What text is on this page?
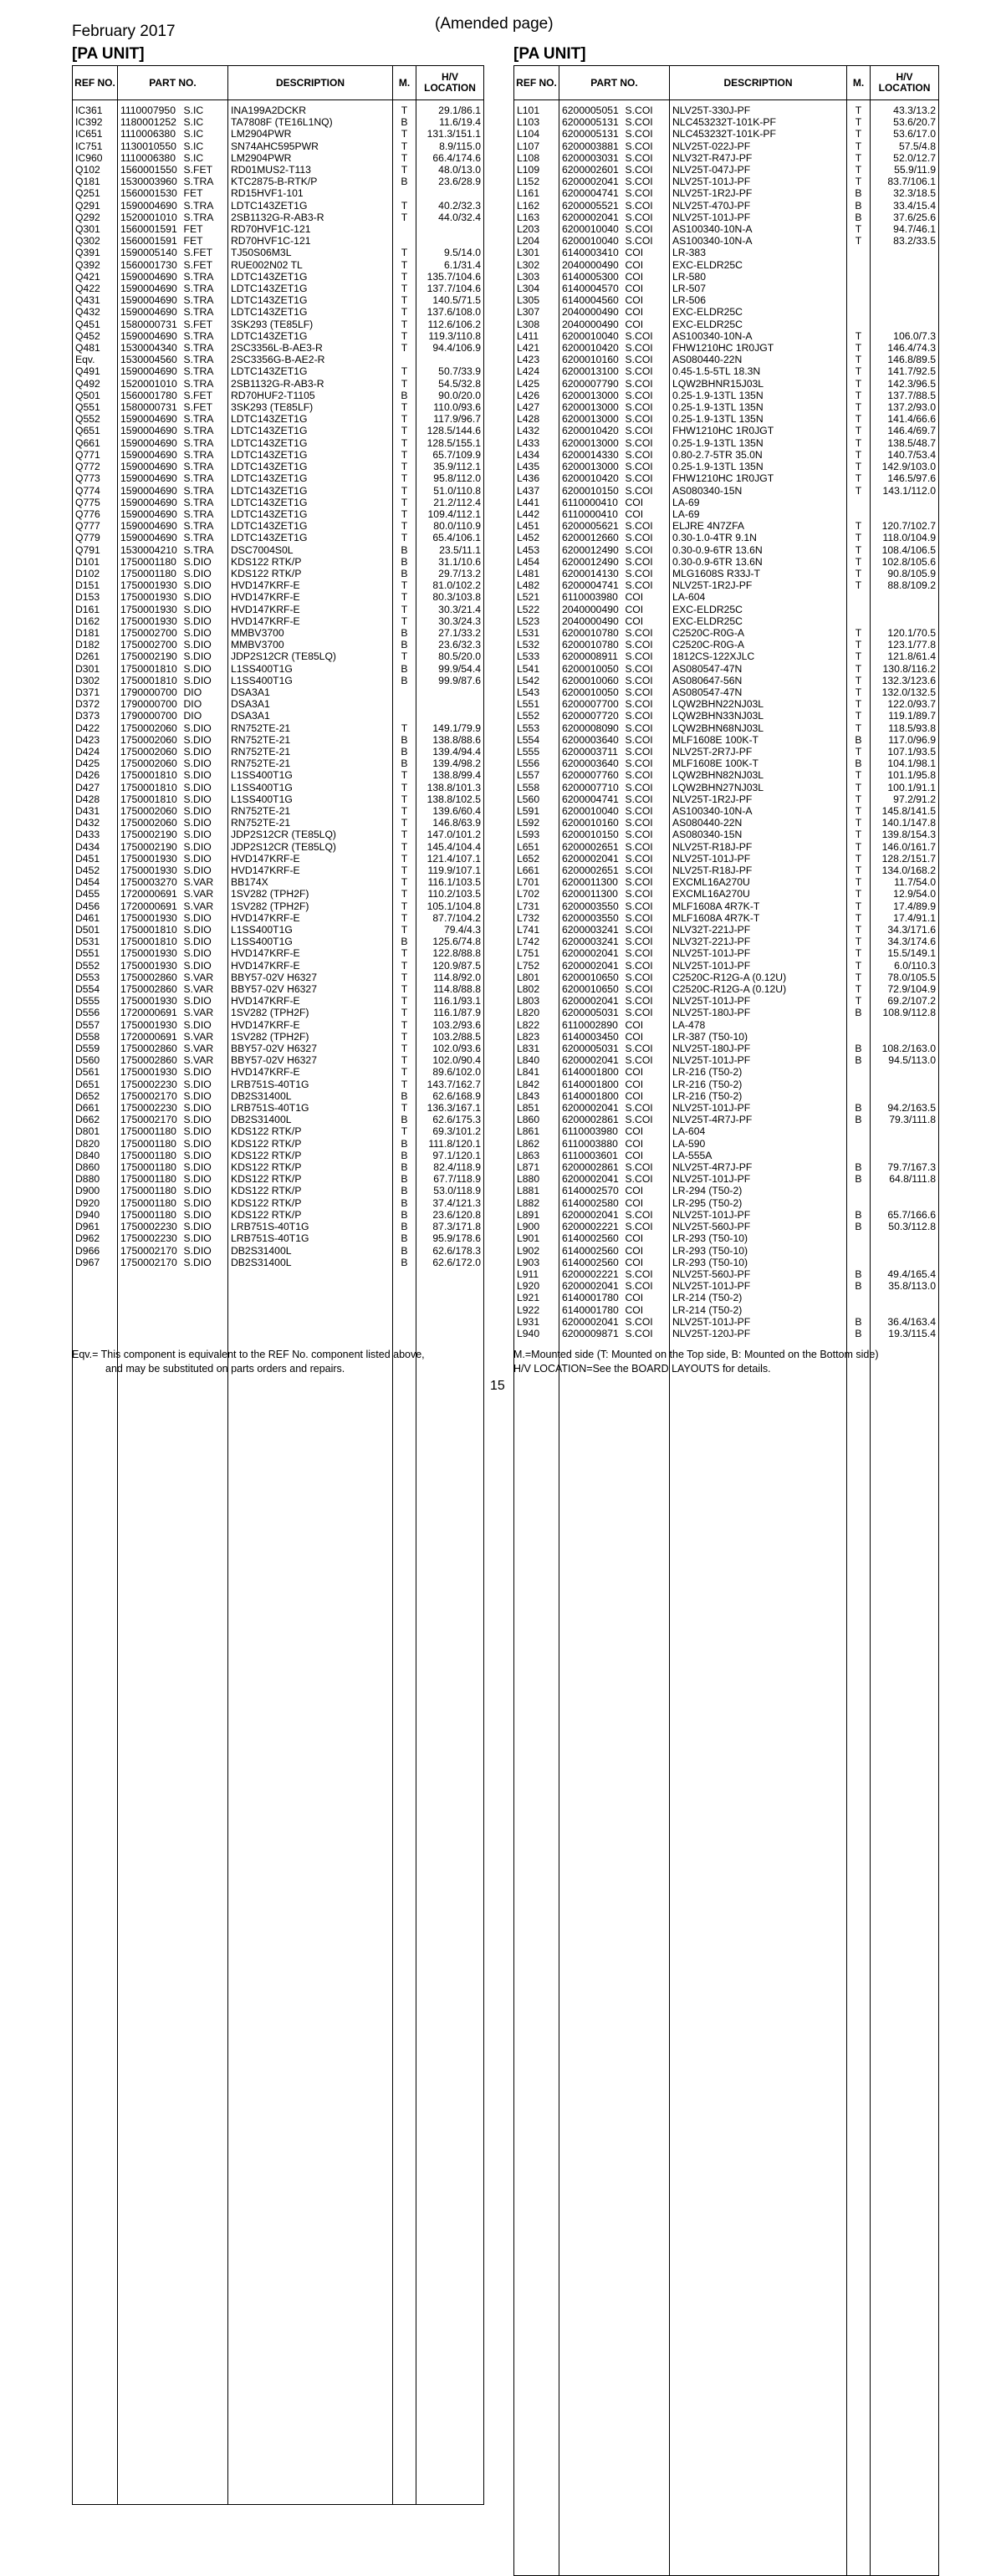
February 2017	(Amended page)
[PA UNIT]	[PA UNIT]
REF NO.	PART NO.		DESCRIPTION	M.	H/V LOCATION
IC361	1110007950	S.IC	INA199A2DCKR	T	29.1/86.1
IC392	1180001252	S.IC	TA7808F (TE16L1NQ)	B	11.6/19.4
IC651	1110006380	S.IC	LM2904PWR	T	131.3/151.1
IC751	1130010550	S.IC	SN74AHC595PWR	T	8.9/115.0
IC960	1110006380	S.IC	LM2904PWR	T	66.4/174.6

Q102	1560001550	S.FET	RD01MUS2-T113	T	48.0/13.0
Q181	1530003960	S.TRA	KTC2875-B-RTK/P	B	23.6/28.9
Q251	1560001530	FET	RD15HVF1-101		
Q291	1590004690	S.TRA	LDTC143ZET1G	T	40.2/32.3
Q292	1520001010	S.TRA	2SB1132G-R-AB3-R	T	44.0/32.4
Q301	1560001591	FET	RD70HVF1C-121		
Q302	1560001591	FET	RD70HVF1C-121		
Q391	1590005140	S.FET	TJ50S06M3L	T	9.5/14.0
Q392	1560001730	S.FET	RUE002N02 TL	T	6.1/31.4
Q421	1590004690	S.TRA	LDTC143ZET1G	T	135.7/104.6
Q422	1590004690	S.TRA	LDTC143ZET1G	T	137.7/104.6
Q431	1590004690	S.TRA	LDTC143ZET1G	T	140.5/71.5
Q432	1590004690	S.TRA	LDTC143ZET1G	T	137.6/108.0
Q451	1580000731	S.FET	3SK293 (TE85LF)	T	112.6/106.2
Q452	1590004690	S.TRA	LDTC143ZET1G	T	119.3/110.8
Q481	1530004340	S.TRA	2SC3356L-B-AE3-R	T	94.4/106.9
Eqv.	1530004560	S.TRA	2SC3356G-B-AE2-R		
Q491	1590004690	S.TRA	LDTC143ZET1G	T	50.7/33.9
Q492	1520001010	S.TRA	2SB1132G-R-AB3-R	T	54.5/32.8
Q501	1560001780	S.FET	RD70HUF2-T1105	B	90.0/20.0
Q551	1580000731	S.FET	3SK293 (TE85LF)	T	110.0/93.6
Q552	1590004690	S.TRA	LDTC143ZET1G	T	117.9/96.7
Q651	1590004690	S.TRA	LDTC143ZET1G	T	128.5/144.6
Q661	1590004690	S.TRA	LDTC143ZET1G	T	128.5/155.1
Q771	1590004690	S.TRA	LDTC143ZET1G	T	65.7/109.9
Q772	1590004690	S.TRA	LDTC143ZET1G	T	35.9/112.1
Q773	1590004690	S.TRA	LDTC143ZET1G	T	95.8/112.0
Q774	1590004690	S.TRA	LDTC143ZET1G	T	51.0/110.8
Q775	1590004690	S.TRA	LDTC143ZET1G	T	21.2/112.4
Q776	1590004690	S.TRA	LDTC143ZET1G	T	109.4/112.1
Q777	1590004690	S.TRA	LDTC143ZET1G	T	80.0/110.9
Q779	1590004690	S.TRA	LDTC143ZET1G	T	65.4/106.1
Q791	1530004210	S.TRA	DSC7004S0L	B	23.5/11.1

D101	1750001180	S.DIO	KDS122 RTK/P	B	31.1/10.6
D102	1750001180	S.DIO	KDS122 RTK/P	B	29.7/13.2
D151	1750001930	S.DIO	HVD147KRF-E	T	81.0/102.2
D153	1750001930	S.DIO	HVD147KRF-E	T	80.3/103.8
D161	1750001930	S.DIO	HVD147KRF-E	T	30.3/21.4
D162	1750001930	S.DIO	HVD147KRF-E	T	30.3/24.3
D181	1750002700	S.DIO	MMBV3700	B	27.1/33.2
D182	1750002700	S.DIO	MMBV3700	B	23.6/32.3
D261	1750002190	S.DIO	JDP2S12CR (TE85LQ)	T	80.5/20.0
D301	1750001810	S.DIO	L1SS400T1G	B	99.9/54.4
D302	1750001810	S.DIO	L1SS400T1G	B	99.9/87.6
D371	1790000700	DIO	DSA3A1		
D372	1790000700	DIO	DSA3A1		
D373	1790000700	DIO	DSA3A1		
D422	1750002060	S.DIO	RN752TE-21	T	149.1/79.9
D423	1750002060	S.DIO	RN752TE-21	B	138.8/88.6
D424	1750002060	S.DIO	RN752TE-21	B	139.4/94.4
D425	1750002060	S.DIO	RN752TE-21	B	139.4/98.2
D426	1750001810	S.DIO	L1SS400T1G	T	138.8/99.4
D427	1750001810	S.DIO	L1SS400T1G	T	138.8/101.3
D428	1750001810	S.DIO	L1SS400T1G	T	138.8/102.5
D431	1750002060	S.DIO	RN752TE-21	T	139.6/60.4
D432	1750002060	S.DIO	RN752TE-21	T	146.8/63.9
D433	1750002190	S.DIO	JDP2S12CR (TE85LQ)	T	147.0/101.2
D434	1750002190	S.DIO	JDP2S12CR (TE85LQ)	T	145.4/104.4
D451	1750001930	S.DIO	HVD147KRF-E	T	121.4/107.1
D452	1750001930	S.DIO	HVD147KRF-E	T	119.9/107.1
D454	1750003270	S.VAR	BB174X	T	116.1/103.5
D455	1720000691	S.VAR	1SV282 (TPH2F)	T	110.2/103.5
D456	1720000691	S.VAR	1SV282 (TPH2F)	T	105.1/104.8
D461	1750001930	S.DIO	HVD147KRF-E	T	87.7/104.2
D501	1750001810	S.DIO	L1SS400T1G	T	79.4/4.3
D531	1750001810	S.DIO	L1SS400T1G	B	125.6/74.8
D551	1750001930	S.DIO	HVD147KRF-E	T	122.8/88.8
D552	1750001930	S.DIO	HVD147KRF-E	T	120.9/87.5
D553	1750002860	S.VAR	BBY57-02V H6327	T	114.8/92.0
D554	1750002860	S.VAR	BBY57-02V H6327	T	114.8/88.8
D555	1750001930	S.DIO	HVD147KRF-E	T	116.1/93.1
D556	1720000691	S.VAR	1SV282 (TPH2F)	T	116.1/87.9
D557	1750001930	S.DIO	HVD147KRF-E	T	103.2/93.6
D558	1720000691	S.VAR	1SV282 (TPH2F)	T	103.2/88.5
D559	1750002860	S.VAR	BBY57-02V H6327	T	102.0/93.6
D560	1750002860	S.VAR	BBY57-02V H6327	T	102.0/90.4
D561	1750001930	S.DIO	HVD147KRF-E	T	89.6/102.0
D651	1750002230	S.DIO	LRB751S-40T1G	T	143.7/162.7
D652	1750002170	S.DIO	DB2S31400L	B	62.6/168.9
D661	1750002230	S.DIO	LRB751S-40T1G	T	136.3/167.1
D662	1750002170	S.DIO	DB2S31400L	B	62.6/175.3
D801	1750001180	S.DIO	KDS122 RTK/P	T	69.3/101.2
D820	1750001180	S.DIO	KDS122 RTK/P	B	111.8/120.1
D840	1750001180	S.DIO	KDS122 RTK/P	B	97.1/120.1
D860	1750001180	S.DIO	KDS122 RTK/P	B	82.4/118.9
D880	1750001180	S.DIO	KDS122 RTK/P	B	67.7/118.9
D900	1750001180	S.DIO	KDS122 RTK/P	B	53.0/118.9
D920	1750001180	S.DIO	KDS122 RTK/P	B	37.4/121.3
D940	1750001180	S.DIO	KDS122 RTK/P	B	23.6/120.8
D961	1750002230	S.DIO	LRB751S-40T1G	B	87.3/171.8
D962	1750002230	S.DIO	LRB751S-40T1G	B	95.9/178.6
D966	1750002170	S.DIO	DB2S31400L	B	62.6/178.3
D967	1750002170	S.DIO	DB2S31400L	B	62.6/172.0

REF NO.	PART NO.		DESCRIPTION	M.	H/V LOCATION
L101	6200005051	S.COI	NLV25T-330J-PF	T	43.3/13.2
L103	6200005131	S.COI	NLC453232T-101K-PF	T	53.6/20.7
L104	6200005131	S.COI	NLC453232T-101K-PF	T	53.6/17.0
L107	6200003881	S.COI	NLV25T-022J-PF	T	57.5/4.8
L108	6200003031	S.COI	NLV32T-R47J-PF	T	52.0/12.7
L109	6200002601	S.COI	NLV25T-047J-PF	T	55.9/11.9
L152	6200002041	S.COI	NLV25T-101J-PF	T	83.7/106.1
L161	6200004741	S.COI	NLV25T-1R2J-PF	B	32.3/18.5
L162	6200005521	S.COI	NLV25T-470J-PF	B	33.4/15.4
L163	6200002041	S.COI	NLV25T-101J-PF	B	37.6/25.6
L203	6200010040	S.COI	AS100340-10N-A	T	94.7/46.1
L204	6200010040	S.COI	AS100340-10N-A	T	83.2/33.5
L301	6140003410	COI	LR-383		
L302	2040000490	COI	EXC-ELDR25C		
L303	6140005300	COI	LR-580		
L304	6140004570	COI	LR-507		
L305	6140004560	COI	LR-506		
L307	2040000490	COI	EXC-ELDR25C		
L308	2040000490	COI	EXC-ELDR25C		
L411	6200010040	S.COI	AS100340-10N-A	T	106.0/7.3
L421	6200010420	S.COI	FHW1210HC 1R0JGT	T	146.4/74.3
L423	6200010160	S.COI	AS080440-22N	T	146.8/89.5
L424	6200013100	S.COI	0.45-1.5-5TL 18.3N	T	141.7/92.5
L425	6200007790	S.COI	LQW2BHNR15J03L	T	142.3/96.5
L426	6200013000	S.COI	0.25-1.9-13TL 135N	T	137.7/88.5
L427	6200013000	S.COI	0.25-1.9-13TL 135N	T	137.2/93.0
L428	6200013000	S.COI	0.25-1.9-13TL 135N	T	141.4/66.6
L432	6200010420	S.COI	FHW1210HC 1R0JGT	T	146.4/69.7
L433	6200013000	S.COI	0.25-1.9-13TL 135N	T	138.5/48.7
L434	6200014330	S.COI	0.80-2.7-5TR 35.0N	T	140.7/53.4
L435	6200013000	S.COI	0.25-1.9-13TL 135N	T	142.9/103.0
L436	6200010420	S.COI	FHW1210HC 1R0JGT	T	146.5/97.6
L437	6200010150	S.COI	AS080340-15N	T	143.1/112.0
L441	6110000410	COI	LA-69		
L442	6110000410	COI	LA-69		
L451	6200005621	S.COI	ELJRE 4N7ZFA	T	120.7/102.7
L452	6200012660	S.COI	0.30-1.0-4TR 9.1N	T	118.0/104.9
L453	6200012490	S.COI	0.30-0.9-6TR 13.6N	T	108.4/106.5
L454	6200012490	S.COI	0.30-0.9-6TR 13.6N	T	102.8/105.6
L481	6200014130	S.COI	MLG1608S R33J-T	T	90.8/105.9
L482	6200004741	S.COI	NLV25T-1R2J-PF	T	88.8/109.2
L521	6110003980	COI	LA-604		
L522	2040000490	COI	EXC-ELDR25C		
L523	2040000490	COI	EXC-ELDR25C		
L531	6200010780	S.COI	C2520C-R0G-A	T	120.1/70.5
L532	6200010780	S.COI	C2520C-R0G-A	T	123.1/77.8
L533	6200008911	S.COI	1812CS-122XJLC	T	121.8/61.4
L541	6200010050	S.COI	AS080547-47N	T	130.8/116.2
L542	6200010060	S.COI	AS080647-56N	T	132.3/123.6
L543	6200010050	S.COI	AS080547-47N	T	132.0/132.5
L551	6200007700	S.COI	LQW2BHN22NJ03L	T	122.0/93.7
L552	6200007720	S.COI	LQW2BHN33NJ03L	T	119.1/89.7
L553	6200008090	S.COI	LQW2BHN68NJ03L	T	118.5/93.8
L554	6200003640	S.COI	MLF1608E 100K-T	B	117.0/96.9
L555	6200003711	S.COI	NLV25T-2R7J-PF	T	107.1/93.5
L556	6200003640	S.COI	MLF1608E 100K-T	B	104.1/98.1
L557	6200007760	S.COI	LQW2BHN82NJ03L	T	101.1/95.8
L558	6200007710	S.COI	LQW2BHN27NJ03L	T	100.1/91.1
L560	6200004741	S.COI	NLV25T-1R2J-PF	T	97.2/91.2
L591	6200010040	S.COI	AS100340-10N-A	T	145.8/141.5
L592	6200010160	S.COI	AS080440-22N	T	140.1/147.8
L593	6200010150	S.COI	AS080340-15N	T	139.8/154.3
L651	6200002651	S.COI	NLV25T-R18J-PF	T	146.0/161.7
L652	6200002041	S.COI	NLV25T-101J-PF	T	128.2/151.7
L661	6200002651	S.COI	NLV25T-R18J-PF	T	134.0/168.2
L701	6200011300	S.COI	EXCML16A270U	T	11.7/54.0
L702	6200011300	S.COI	EXCML16A270U	T	12.9/54.0
L731	6200003550	S.COI	MLF1608A 4R7K-T	T	17.4/89.9
L732	6200003550	S.COI	MLF1608A 4R7K-T	T	17.4/91.1
L741	6200003241	S.COI	NLV32T-221J-PF	T	34.3/171.6
L742	6200003241	S.COI	NLV32T-221J-PF	T	34.3/174.6
L751	6200002041	S.COI	NLV25T-101J-PF	T	15.5/149.1
L752	6200002041	S.COI	NLV25T-101J-PF	T	6.0/110.3
L801	6200010650	S.COI	C2520C-R12G-A (0.12U)	T	78.0/105.5
L802	6200010650	S.COI	C2520C-R12G-A (0.12U)	T	72.9/104.9
L803	6200002041	S.COI	NLV25T-101J-PF	T	69.2/107.2
L820	6200005031	S.COI	NLV25T-180J-PF	B	108.9/112.8
L822	6110002890	COI	LA-478		
L823	6140003450	COI	LR-387 (T50-10)		
L831	6200005031	S.COI	NLV25T-180J-PF	B	108.2/163.0
L840	6200002041	S.COI	NLV25T-101J-PF	B	94.5/113.0
L841	6140001800	COI	LR-216 (T50-2)		
L842	6140001800	COI	LR-216 (T50-2)		
L843	6140001800	COI	LR-216 (T50-2)		
L851	6200002041	S.COI	NLV25T-101J-PF	B	94.2/163.5
L860	6200002861	S.COI	NLV25T-4R7J-PF	B	79.3/111.8
L861	6110003980	COI	LA-604		
L862	6110003880	COI	LA-590		
L863	6110003601	COI	LA-555A		
L871	6200002861	S.COI	NLV25T-4R7J-PF	B	79.7/167.3
L880	6200002041	S.COI	NLV25T-101J-PF	B	64.8/111.8
L881	6140002570	COI	LR-294 (T50-2)		
L882	6140002580	COI	LR-295 (T50-2)		
L891	6200002041	S.COI	NLV25T-101J-PF	B	65.7/166.6
L900	6200002221	S.COI	NLV25T-560J-PF	B	50.3/112.8
L901	6140002560	COI	LR-293 (T50-10)		
L902	6140002560	COI	LR-293 (T50-10)		
L903	6140002560	COI	LR-293 (T50-10)		
L911	6200002221	S.COI	NLV25T-560J-PF	B	49.4/165.4
L920	6200002041	S.COI	NLV25T-101J-PF	B	35.8/113.0
L921	6140001780	COI	LR-214 (T50-2)		
L922	6140001780	COI	LR-214 (T50-2)		
L931	6200002041	S.COI	NLV25T-101J-PF	B	36.4/163.4
L940	6200009871	S.COI	NLV25T-120J-PF	B	19.3/115.4

Eqv.= This component is equivalent to the REF No. component listed above,
and may be substituted on parts orders and repairs.
M.=Mounted side (T: Mounted on the Top side, B: Mounted on the Bottom side)
H/V LOCATION=See the BOARD LAYOUTS for details.
15
